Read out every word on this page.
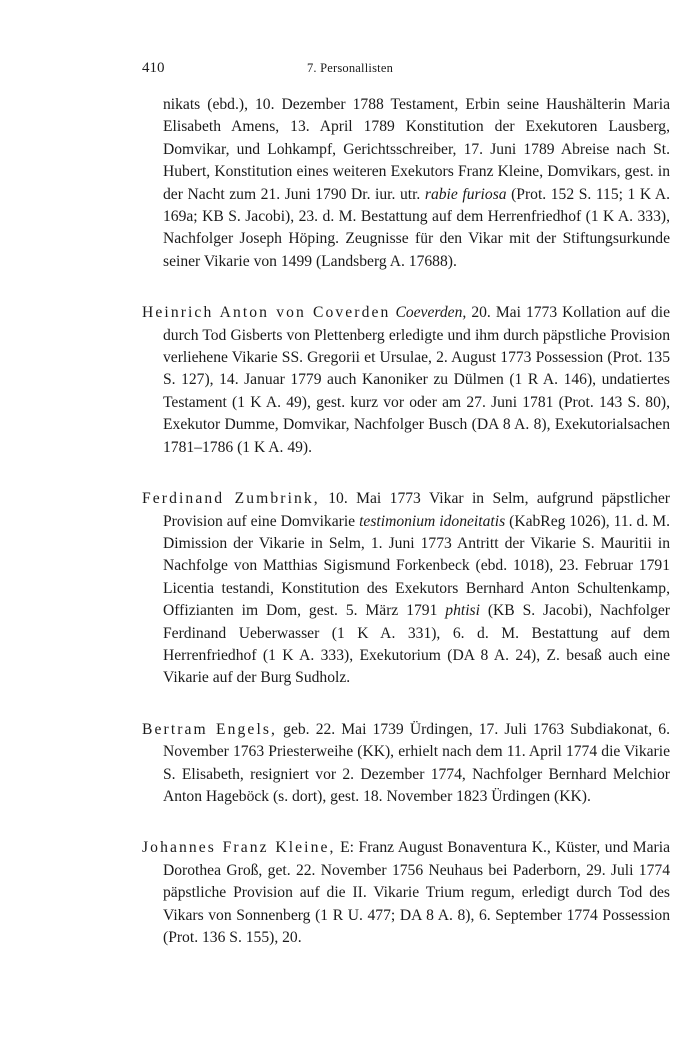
410	7. Personallisten

nikats (ebd.), 10. Dezember 1788 Testament, Erbin seine Haushälterin Maria Elisabeth Amens, 13. April 1789 Konstitution der Exekutoren Lausberg, Domvikar, und Lohkampf, Gerichtsschreiber, 17. Juni 1789 Abreise nach St. Hubert, Konstitution eines weiteren Exekutors Franz Kleine, Domvikars, gest. in der Nacht zum 21. Juni 1790 Dr. iur. utr. rabie furiosa (Prot. 152 S. 115; 1 K A. 169a; KB S. Jacobi), 23. d. M. Bestattung auf dem Herrenfriedhof (1 K A. 333), Nachfolger Joseph Höping. Zeugnisse für den Vikar mit der Stiftungsurkunde seiner Vikarie von 1499 (Landsberg A. 17688).

Heinrich Anton von Coverden Coeverden, 20. Mai 1773 Kollation auf die durch Tod Gisberts von Plettenberg erledigte und ihm durch päpstliche Provision verliehene Vikarie SS. Gregorii et Ursulae, 2. August 1773 Possession (Prot. 135 S. 127), 14. Januar 1779 auch Kanoniker zu Dülmen (1 R A. 146), undatiertes Testament (1 K A. 49), gest. kurz vor oder am 27. Juni 1781 (Prot. 143 S. 80), Exekutor Dumme, Domvikar, Nachfolger Busch (DA 8 A. 8), Exekutorialsachen 1781–1786 (1 K A. 49).

Ferdinand Zumbrink, 10. Mai 1773 Vikar in Selm, aufgrund päpstlicher Provision auf eine Domvikarie testimonium idoneitatis (KabReg 1026), 11. d. M. Dimission der Vikarie in Selm, 1. Juni 1773 Antritt der Vikarie S. Mauritii in Nachfolge von Matthias Sigismund Forkenbeck (ebd. 1018), 23. Februar 1791 Licentia testandi, Konstitution des Exekutors Bernhard Anton Schultenkamp, Offizianten im Dom, gest. 5. März 1791 phtisi (KB S. Jacobi), Nachfolger Ferdinand Ueberwasser (1 K A. 331), 6. d. M. Bestattung auf dem Herrenfriedhof (1 K A. 333), Exekutorium (DA 8 A. 24), Z. besaß auch eine Vikarie auf der Burg Sudholz.

Bertram Engels, geb. 22. Mai 1739 Ürdingen, 17. Juli 1763 Subdiakonat, 6. November 1763 Priesterweihe (KK), erhielt nach dem 11. April 1774 die Vikarie S. Elisabeth, resigniert vor 2. Dezember 1774, Nachfolger Bernhard Melchior Anton Hageböck (s. dort), gest. 18. November 1823 Ürdingen (KK).

Johannes Franz Kleine, E: Franz August Bonaventura K., Küster, und Maria Dorothea Groß, get. 22. November 1756 Neuhaus bei Paderborn, 29. Juli 1774 päpstliche Provision auf die II. Vikarie Trium regum, erledigt durch Tod des Vikars von Sonnenberg (1 R U. 477; DA 8 A. 8), 6. September 1774 Possession (Prot. 136 S. 155), 20.
